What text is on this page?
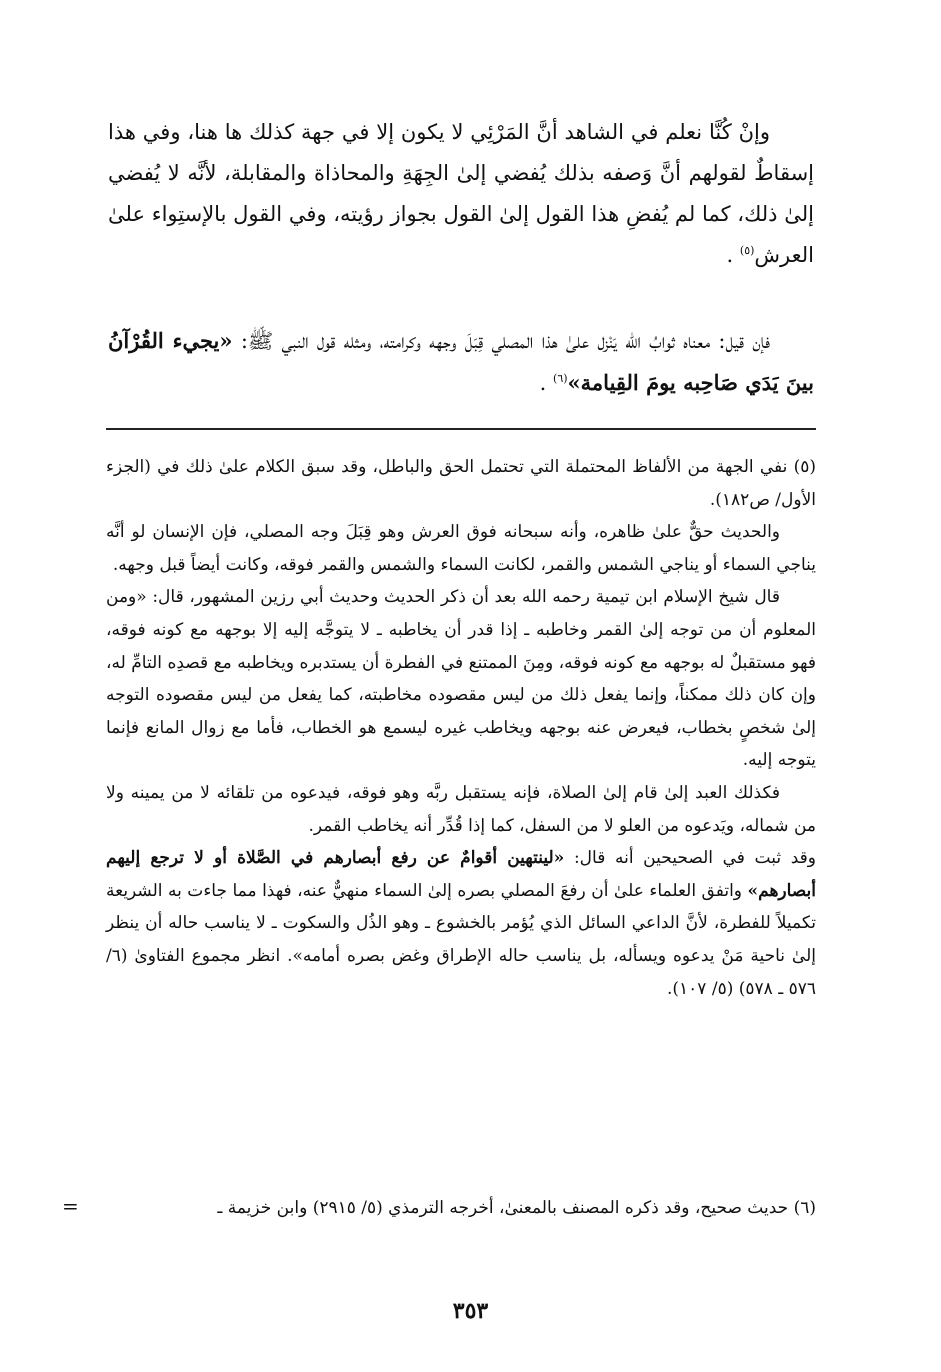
وإنْ كُنَّا نعلم في الشاهد أنَّ المَرْئِي لا يكون إلا في جهة كذلك ها هنا، وفي هذا إسقاطٌ لقولهم أنَّ وَصفه بذلك يُفضي إلىٰ الجِهَةِ والمحاذاة والمقابلة، لأنَّه لا يُفضي إلىٰ ذلك، كما لم يُفضِ هذا القول إلىٰ القول بجواز رؤيته، وفي القول بالإستِواء علىٰ العرش$^{(٥)}$ .

فإن قيل: معناه ثوابُ الله يَنْزل علىٰ هذا المصلي قِبَلَ وجهه وكرامته، ومثله قول النبي ﷺ: «يجيء القُرْآنُ بينَ يَدَي صَاحِبه يومَ القِيامة»$^{(٦)}$ .

(٥) نفي الجهة من الألفاظ المحتملة التي تحتمل الحق والباطل، وقد سبق الكلام علىٰ ذلك في (الجزء الأول/ ص١٨٢).

والحديث حقٌّ علىٰ ظاهره، وأنه سبحانه فوق العرش وهو قِبَلَ وجه المصلي، فإن الإنسان لو أنَّه يناجي السماء أو يناجي الشمس والقمر، لكانت السماء والشمس والقمر فوقه، وكانت أيضاً قبل وجهه.

قال شيخ الإسلام ابن تيمية رحمه الله بعد أن ذكر الحديث وحديث أبي رزين المشهور، قال: «ومن المعلوم أن من توجه إلىٰ القمر وخاطبه ـ إذا قدر أن يخاطبه ـ لا يتوجَّه إليه إلا بوجهه مع كونه فوقه، فهو مستقبلٌ له بوجهه مع كونه فوقه، ومِنَ الممتنع في الفطرة أن يستدبره ويخاطبه مع قصدِه التامِّ له، وإن كان ذلك ممكناً، وإنما يفعل ذلك من ليس مقصوده مخاطبته، كما يفعل من ليس مقصوده التوجه إلىٰ شخصٍ بخطاب، فيعرض عنه بوجهه ويخاطب غيره ليسمع هو الخطاب، فأما مع زوال المانع فإنما يتوجه إليه.

فكذلك العبد إلىٰ قام إلىٰ الصلاة، فإنه يستقبل ربَّه وهو فوقه، فيدعوه من تلقائه لا من يمينه ولا من شماله، ويَدعوه من العلو لا من السفل، كما إذا قُدِّر أنه يخاطب القمر.

وقد ثبت في الصحيحين أنه قال: «لينتهين أقوامٌ عن رفع أبصارهم في الصَّلاة أو لا ترجع إليهم أبصارهم» واتفق العلماء علىٰ أن رفعَ المصلي بصره إلىٰ السماء منهيٌّ عنه، فهذا مما جاءت به الشريعة تكميلاً للفطرة، لأنَّ الداعي السائل الذي يُؤمر بالخشوع ـ وهو الذُل والسكوت ـ لا يناسب حاله أن ينظر إلىٰ ناحية مَنْ يدعوه ويسأله، بل يناسب حاله الإطراق وغض بصره أمامه». انظر مجموع الفتاوىٰ (٦/ ٥٧٦ ـ ٥٧٨) (٥/ ١٠٧).

(٦) حديث صحيح، وقد ذكره المصنف بالمعنىٰ، أخرجه الترمذي (٥/ ٢٩١٥) وابن خزيمة ـ

=
٣٥٣
